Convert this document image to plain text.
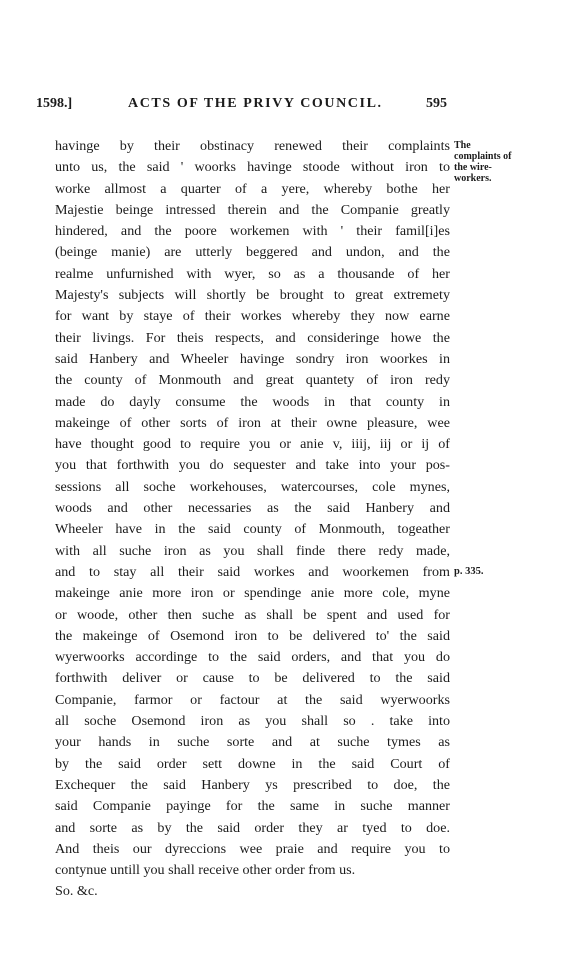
1598.]	ACTS OF THE PRIVY COUNCIL.	595
The
complaints of
the wire-
workers.
p. 335.
havinge by their obstinacy renewed their complaints
unto us, the said ' woorks havinge stoode without iron to
worke allmost a quarter of a yere, whereby bothe her
Majestie beinge intressed therein and the Companie greatly
hindered, and the poore workemen with ' their famil[i]es
(beinge manie) are utterly beggered and undon, and the
realme unfurnished with wyer, so as a thousande of her
Majesty's subjects will shortly be brought to great extremety
for want by staye of their workes whereby they now earne
their livings. For theis respects, and consideringe howe the
said Hanbery and Wheeler havinge sondry iron woorkes in
the county of Monmouth and great quantety of iron redy
made do dayly consume the woods in that county in
makeinge of other sorts of iron at their owne pleasure, wee
have thought good to require you or anie v, iiij, iij or ij of
you that forthwith you do sequester and take into your pos-
sessions all soche workehouses, watercourses, cole mynes,
woods and other necessaries as the said Hanbery and
Wheeler have in the said county of Monmouth, togeather
with all suche iron as you shall finde there redy made,
and to stay all their said workes and woorkemen from
makeinge anie more iron or spendinge anie more cole, myne
or woode, other then suche as shall be spent and used for
the makeinge of Osemond iron to be delivered to' the said
wyerwoorks accordinge to the said orders, and that you do
forthwith deliver or cause to be delivered to the said
Companie, farmor or factour at the said wyerwoorks
all soche Osemond iron as you shall so . take into
your hands in suche sorte and at suche tymes as
by the said order sett downe in the said Court of
Exchequer the said Hanbery ys prescribed to doe, the
said Companie payinge for the same in suche manner
and sorte as by the said order they ar tyed to doe.
And theis our dyreccions wee praie and require you to
contynue untill you shall receive other order from us.
So. &c.
